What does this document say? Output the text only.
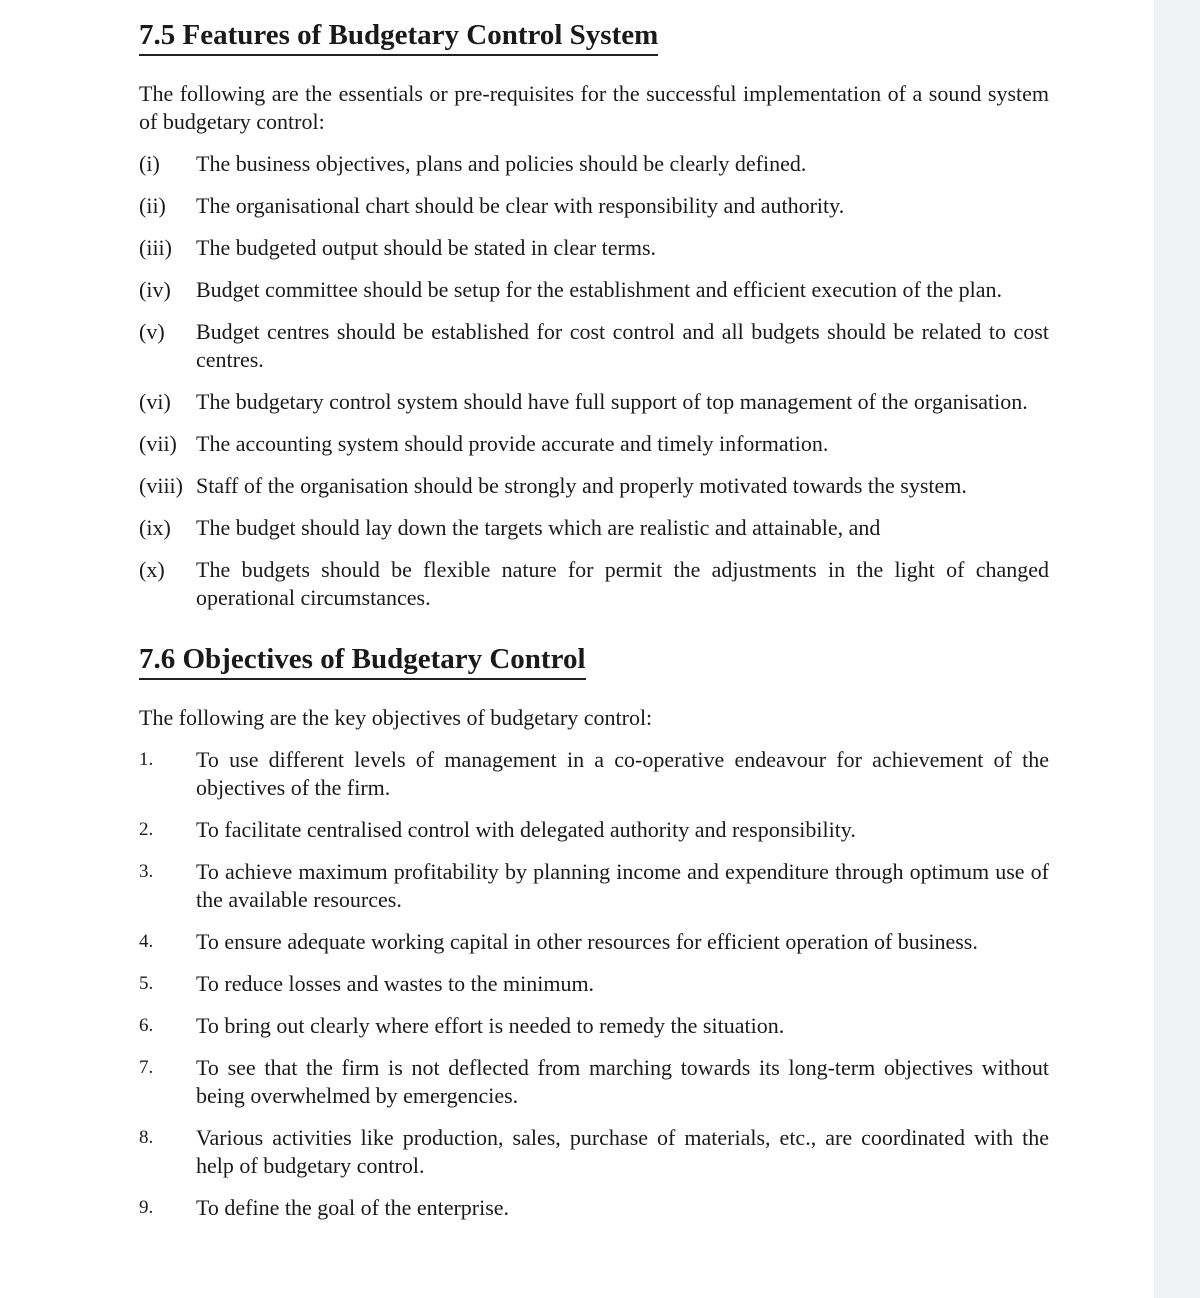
7.5 Features of Budgetary Control System

The following are the essentials or pre-requisites for the successful implementation of a sound system of budgetary control:

(i)	The business objectives, plans and policies should be clearly defined.
(ii)	The organisational chart should be clear with responsibility and authority.
(iii)	The budgeted output should be stated in clear terms.
(iv)	Budget committee should be setup for the establishment and efficient execution of the plan.
(v)	Budget centres should be established for cost control and all budgets should be related to cost centres.
(vi)	The budgetary control system should have full support of top management of the organisation.
(vii) The accounting system should provide accurate and timely information.
(viii) Staff of the organisation should be strongly and properly motivated towards the system.
(ix)	The budget should lay down the targets which are realistic and attainable, and
(x)	The budgets should be flexible nature for permit the adjustments in the light of changed operational circumstances.
7.6 Objectives of Budgetary Control

The following are the key objectives of budgetary control:

1.	To use different levels of management in a co-operative endeavour for achievement of the objectives of the firm.
2.	To facilitate centralised control with delegated authority and responsibility.
3.	To achieve maximum profitability by planning income and expenditure through optimum use of the available resources.
4.	To ensure adequate working capital in other resources for efficient operation of business.
5.	To reduce losses and wastes to the minimum.
6.	To bring out clearly where effort is needed to remedy the situation.
7.	To see that the firm is not deflected from marching towards its long-term objectives without being overwhelmed by emergencies.
8.	Various activities like production, sales, purchase of materials, etc., are coordinated with the help of budgetary control.
9.	To define the goal of the enterprise.
